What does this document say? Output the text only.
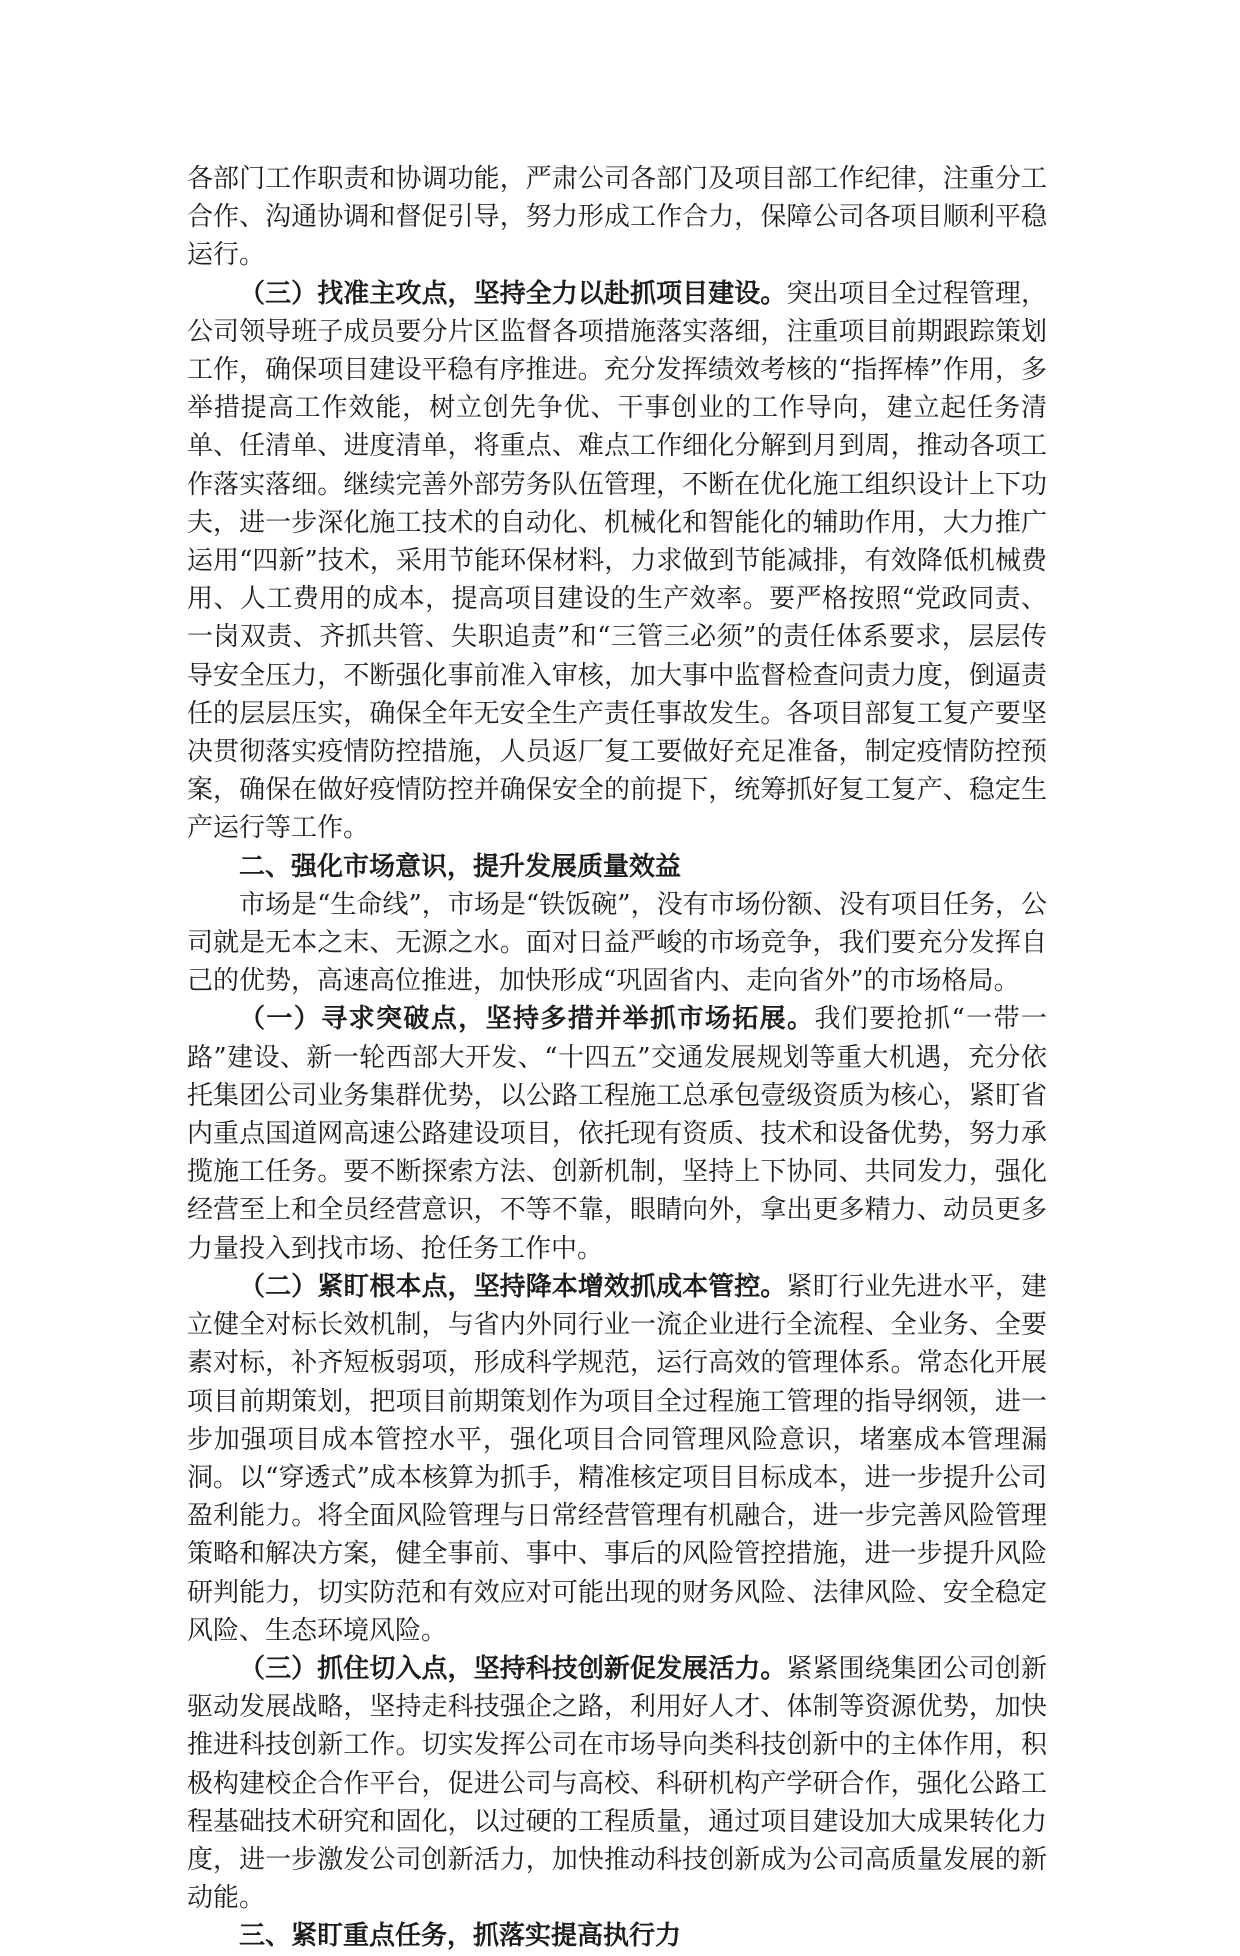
各部门工作职责和协调功能，严肃公司各部门及项目部工作纪律，注重分工合作、沟通协调和督促引导，努力形成工作合力，保障公司各项目顺利平稳运行。

（三）找准主攻点，坚持全力以赴抓项目建设。突出项目全过程管理，公司领导班子成员要分片区监督各项措施落实落细，注重项目前期跟踪策划工作，确保项目建设平稳有序推进。充分发挥绩效考核的“指挥棒”作用，多举措提高工作效能，树立创先争优、干事创业的工作导向，建立起任务清单、任清单、进度清单，将重点、难点工作细化分解到月到周，推动各项工作落实落细。继续完善外部劳务队伍管理，不断在优化施工组织设计上下功夫，进一步深化施工技术的自动化、机械化和智能化的辅助作用，大力推广运用“四新”技术，采用节能环保材料，力求做到节能减排，有效降低机械费用、人工费用的成本，提高项目建设的生产效率。要严格按照“党政同责、一岗双责、齐抓共管、失职追责”和“三管三必须”的责任体系要求，层层传导安全压力，不断强化事前准入审核，加大事中监督检查问责力度，倒逼责任的层层压实，确保全年无安全生产责任事故发生。各项目部复工复产要坚决贯彻落实疫情防控措施，人员返厂复工要做好充足准备，制定疫情防控预案，确保在做好疫情防控并确保安全的前提下，统筹抓好复工复产、稳定生产运行等工作。

二、强化市场意识，提升发展质量效益

市场是“生命线”，市场是“铁饭碗”，没有市场份额、没有项目任务，公司就是无本之末、无源之水。面对日益严峻的市场竞争，我们要充分发挥自己的优势，高速高位推进，加快形成“巩固省内、走向省外”的市场格局。

（一）寻求突破点，坚持多措并举抓市场拓展。我们要抢抓“一带一路”建设、新一轮西部大开发、“十四五”交通发展规划等重大机遇，充分依托集团公司业务集群优势，以公路工程施工总承包壹级资质为核心，紧盯省内重点国道网高速公路建设项目，依托现有资质、技术和设备优势，努力承揽施工任务。要不断探索方法、创新机制，坚持上下协同、共同发力，强化经营至上和全员经营意识，不等不靠，眼睛向外，拿出更多精力、动员更多力量投入到找市场、抢任务工作中。

（二）紧盯根本点，坚持降本增效抓成本管控。紧盯行业先进水平，建立健全对标长效机制，与省内外同行业一流企业进行全流程、全业务、全要素对标，补齐短板弱项，形成科学规范，运行高效的管理体系。常态化开展项目前期策划，把项目前期策划作为项目全过程施工管理的指导纲领，进一步加强项目成本管控水平，强化项目合同管理风险意识，堵塞成本管理漏洞。以“穿透式”成本核算为抓手，精准核定项目目标成本，进一步提升公司盈利能力。将全面风险管理与日常经营管理有机融合，进一步完善风险管理策略和解决方案，健全事前、事中、事后的风险管控措施，进一步提升风险研判能力，切实防范和有效应对可能出现的财务风险、法律风险、安全稳定风险、生态环境风险。

（三）抓住切入点，坚持科技创新促发展活力。紧紧围绕集团公司创新驱动发展战略，坚持走科技强企之路，利用好人才、体制等资源优势，加快推进科技创新工作。切实发挥公司在市场导向类科技创新中的主体作用，积极构建校企合作平台，促进公司与高校、科研机构产学研合作，强化公路工程基础技术研究和固化，以过硬的工程质量，通过项目建设加大成果转化力度，进一步激发公司创新活力，加快推动科技创新成为公司高质量发展的新动能。

三、紧盯重点任务，抓落实提高执行力
